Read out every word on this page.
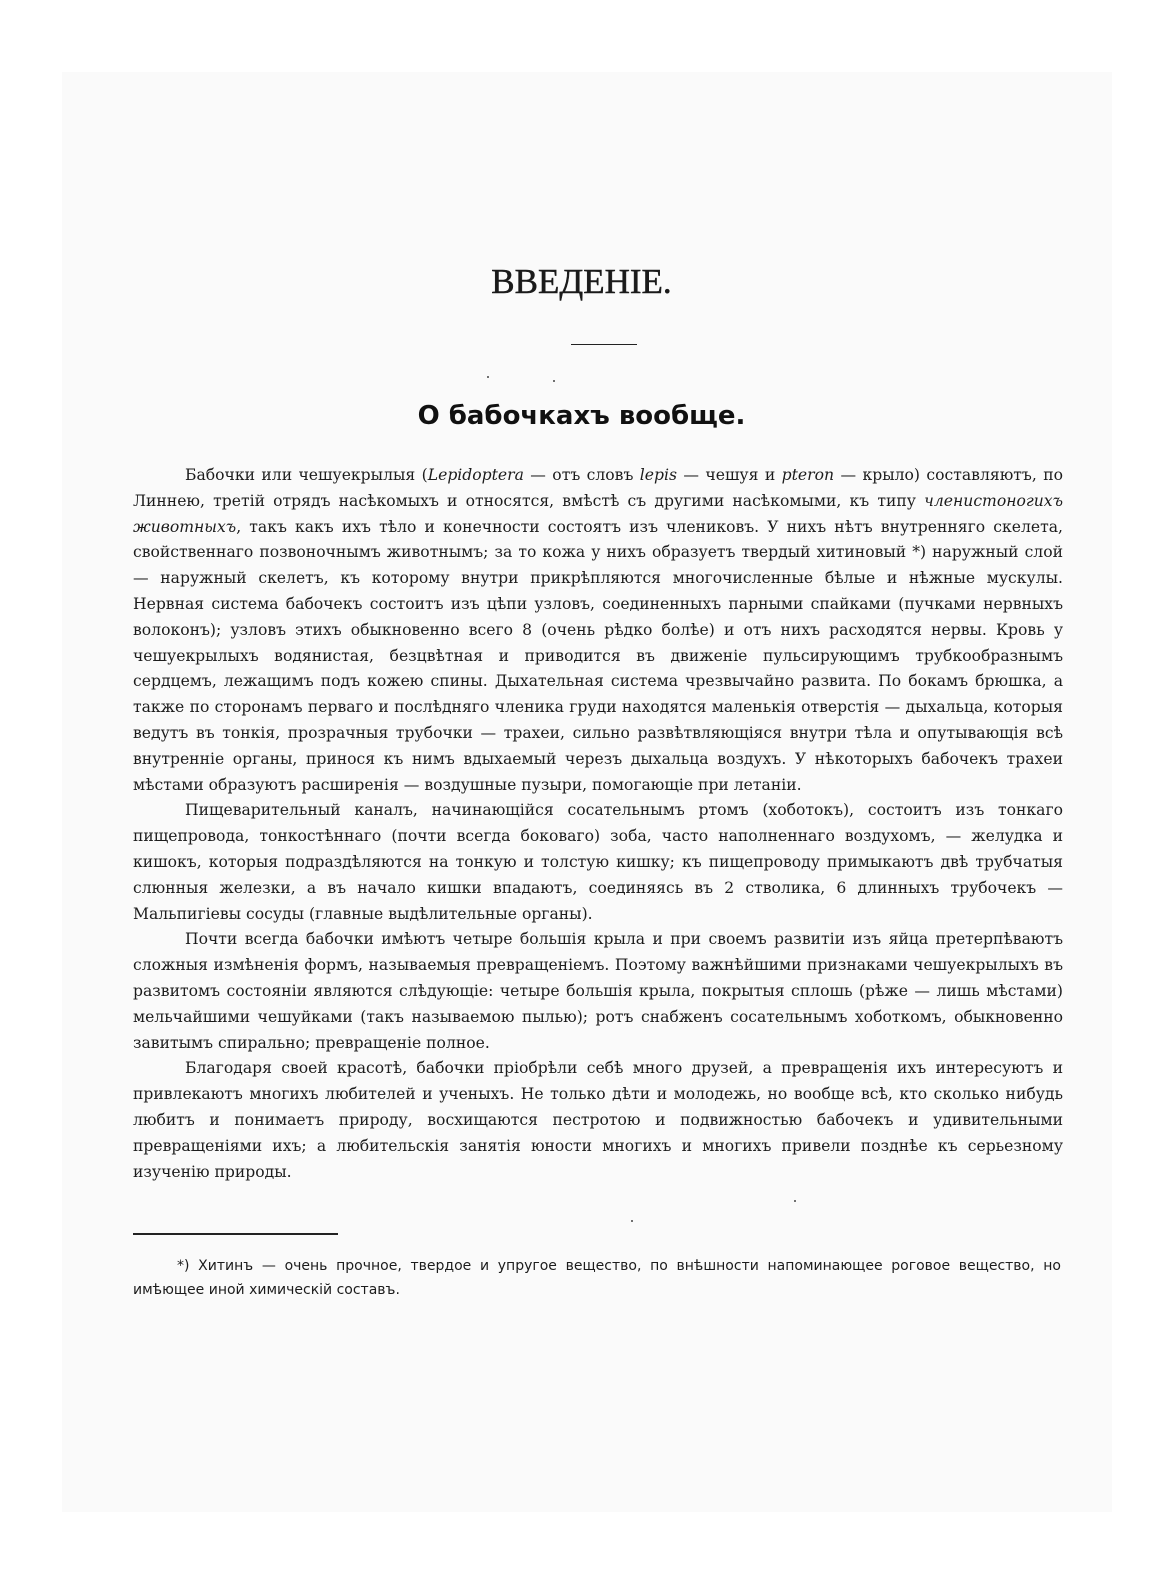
ВВЕДЕНІЕ.
О бабочкахъ вообще.

Бабочки или чешуекрылыя (Lepidoptera — отъ словъ lepis — чешуя и pteron — крыло) составляютъ, по Линнею, третій отрядъ насѣкомыхъ и относятся, вмѣстѣ съ другими насѣкомыми, къ типу членистоногихъ животныхъ, такъ какъ ихъ тѣло и конечности состоятъ изъ члениковъ. У нихъ нѣтъ внутренняго скелета, свойственнаго позвоночнымъ животнымъ; за то кожа у нихъ образуетъ твердый хитиновый *) наружный слой — наружный скелетъ, къ которому внутри прикрѣпляются многочисленные бѣлые и нѣжные мускулы. Нервная система бабочекъ состоитъ изъ цѣпи узловъ, соединенныхъ парными спайками (пучками нервныхъ волоконъ); узловъ этихъ обыкновенно всего 8 (очень рѣдко болѣе) и отъ нихъ расходятся нервы. Кровь у чешуекрылыхъ водянистая, безцвѣтная и приводится въ движеніе пульсирующимъ трубкообразнымъ сердцемъ, лежащимъ подъ кожею спины. Дыхательная система чрезвычайно развита. По бокамъ брюшка, а также по сторонамъ перваго и послѣдняго членика груди находятся маленькія отверстія — дыхальца, которыя ведутъ въ тонкія, прозрачныя трубочки — трахеи, сильно развѣтвляющіяся внутри тѣла и опутывающія всѣ внутренніе органы, принося къ нимъ вдыхаемый черезъ дыхальца воздухъ. У нѣкоторыхъ бабочекъ трахеи мѣстами образуютъ расширенія — воздушные пузыри, помогающіе при летаніи.

Пищеварительный каналъ, начинающійся сосательнымъ ртомъ (хоботокъ), состоитъ изъ тонкаго пищепровода, тонкостѣннаго (почти всегда боковаго) зоба, часто наполненнаго воздухомъ, — желудка и кишокъ, которыя подраздѣляются на тонкую и толстую кишку; къ пищепроводу примыкаютъ двѣ трубчатыя слюнныя железки, а въ начало кишки впадаютъ, соединяясь въ 2 стволика, 6 длинныхъ трубочекъ — Мальпигіевы сосуды (главные выдѣлительные органы).

Почти всегда бабочки имѣютъ четыре большія крыла и при своемъ развитіи изъ яйца претерпѣваютъ сложныя измѣненія формъ, называемыя превращеніемъ. Поэтому важнѣйшими признаками чешуекрылыхъ въ развитомъ состояніи являются слѣдующіе: четыре большія крыла, покрытыя сплошь (рѣже — лишь мѣстами) мельчайшими чешуйками (такъ называемою пылью); ротъ снабженъ сосательнымъ хоботкомъ, обыкновенно завитымъ спирально; превращеніе полное.

Благодаря своей красотѣ, бабочки пріобрѣли себѣ много друзей, а превращенія ихъ интересуютъ и привлекаютъ многихъ любителей и ученыхъ. Не только дѣти и молодежь, но вообще всѣ, кто сколько нибудь любитъ и понимаетъ природу, восхищаются пестротою и подвижностью бабочекъ и удивительными превращеніями ихъ; а любительскія занятія юности многихъ и многихъ привели позднѣе къ серьезному изученію природы.

*) Хитинъ — очень прочное, твердое и упругое вещество, по внѣшности напоминающее роговое вещество, но имѣющее иной химическій составъ.
